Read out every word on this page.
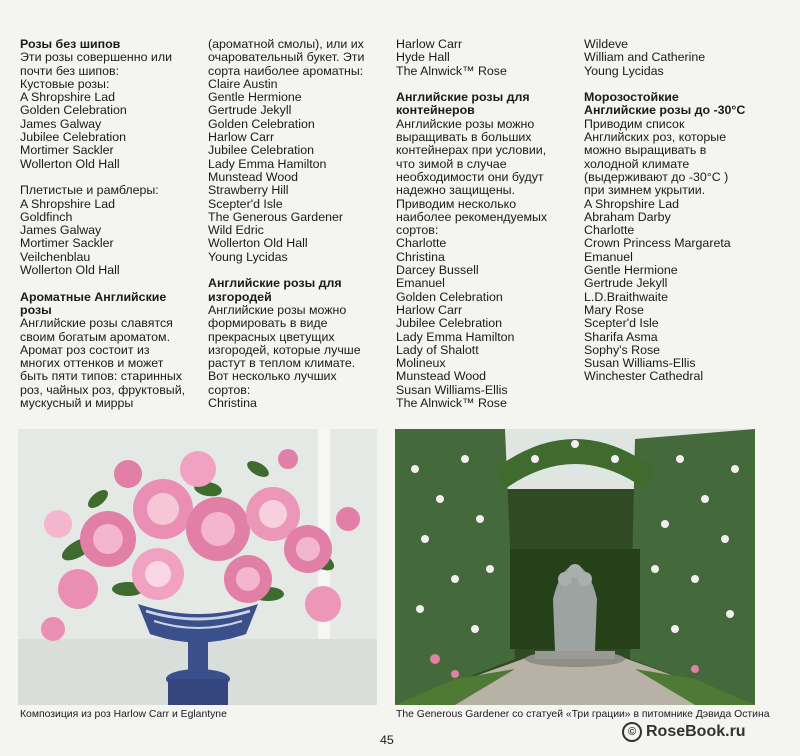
Розы без шипов
Эти розы совершенно или
почти без шипов:
Кустовые розы:
A Shropshire Lad
Golden Celebration
James Galway
Jubilee Celebration
Mortimer Sackler
Wollerton Old Hall
Плетистые и рамблеры:
A Shropshire Lad
Goldfinch
James Galway
Mortimer Sackler
Veilchenblau
Wollerton Old Hall
Ароматные Английские
розы
Английские розы славятся
своим богатым ароматом.
Аромат роз состоит из
многих оттенков и может
быть пяти типов: старинных
роз, чайных роз, фруктовый,
мускусный и мирры
(ароматной смолы), или их
очаровательный букет. Эти
сорта наиболее ароматны:
Claire Austin
Gentle Hermione
Gertrude Jekyll
Golden Celebration
Harlow Carr
Jubilee Celebration
Lady Emma Hamilton
Munstead Wood
Strawberry Hill
Scepter'd Isle
The Generous Gardener
Wild Edric
Wollerton Old Hall
Young Lycidas
Английские розы для
изгородей
Английские розы можно
формировать в виде
прекрасных цветущих
изгородей, которые лучше
растут в теплом климате.
Вот несколько лучших
сортов:
Christina
Harlow Carr
Hyde Hall
The Alnwick™ Rose
Английские розы для
контейнеров
Английские розы можно
выращивать в больших
контейнерах при условии,
что зимой в случае
необходимости они будут
надежно защищены.
Приводим несколько
наиболее рекомендуемых
сортов:
Charlotte
Christina
Darcey Bussell
Emanuel
Golden Celebration
Harlow Carr
Jubilee Celebration
Lady Emma Hamilton
Lady of Shalott
Molineux
Munstead Wood
Susan Williams-Ellis
The Alnwick™ Rose
Wildeve
William and Catherine
Young Lycidas
Морозостойкие
Английские розы до -30°С
Приводим список
Английских роз, которые
можно выращивать в
холодной климате
(выдерживают до -30°С )
при зимнем укрытии.
A Shropshire Lad
Abraham Darby
Charlotte
Crown Princess Margareta
Emanuel
Gentle Hermione
Gertrude Jekyll
L.D.Braithwaite
Mary Rose
Scepter'd Isle
Sharifa Asma
Sophy's Rose
Susan Williams-Ellis
Winchester Cathedral
Композиция из роз Harlow Carr и Eglantyne	The Generous Gardener со статуей «Три грации» в питомнике Дэвида Остина
45
© RoseBook.ru
